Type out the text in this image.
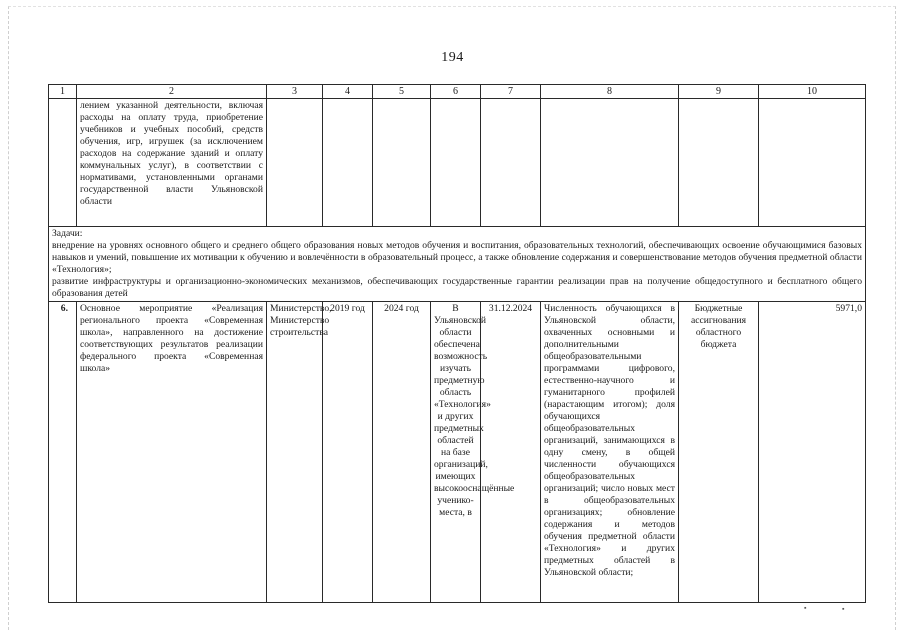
194
1	2	3	4	5	6	7	8	9	10
	лением указанной деятельности, включая расходы на оплату труда, приобретение учебников и учебных пособий, средств обучения, игр, игрушек (за исключением расходов на содержание зданий и оплату коммунальных услуг), в соответствии с нормативами, установленными органами государственной власти Ульяновской области								

Задачи:
внедрение на уровнях основного общего и среднего общего образования новых методов обучения и воспитания, образовательных технологий, обеспечивающих освоение обучающимися базовых навыков и умений, повышение их мотивации к обучению и вовлечённости в образовательный процесс, а также обновление содержания и совершенствование методов обучения предметной области «Технология»;
развитие инфраструктуры и организационно-экономических механизмов, обеспечивающих государственные гарантии реализации прав на получение общедоступного и бесплатного общего образования детей									

6.	Основное мероприятие «Реализация регионального проекта «Современная школа», направленного на достижение соответствующих результатов реализации федерального проекта «Современная школа»	Министерство, Министерство строительства	2019 год	2024 год	В Ульяновской области обеспечена возможность изучать предметную область «Технология» и других предметных областей на базе организаций, имеющих высокооснащённые ученико-места, в	31.12.2024	Численность обучающихся в Ульяновской области, охваченных основными и дополнительными общеобразовательными программами цифрового, естественно-научного и гуманитарного профилей (нарастающим итогом); доля обучающихся общеобразовательных организаций, занимающихся в одну смену, в общей численности обучающихся общеобразовательных организаций; число новых мест в общеобразовательных организациях; обновление содержания и методов обучения предметной области «Технология» и других предметных областей в Ульяновской области;	Бюджетные ассигнования областного бюджета	5971,0
▪	▪
